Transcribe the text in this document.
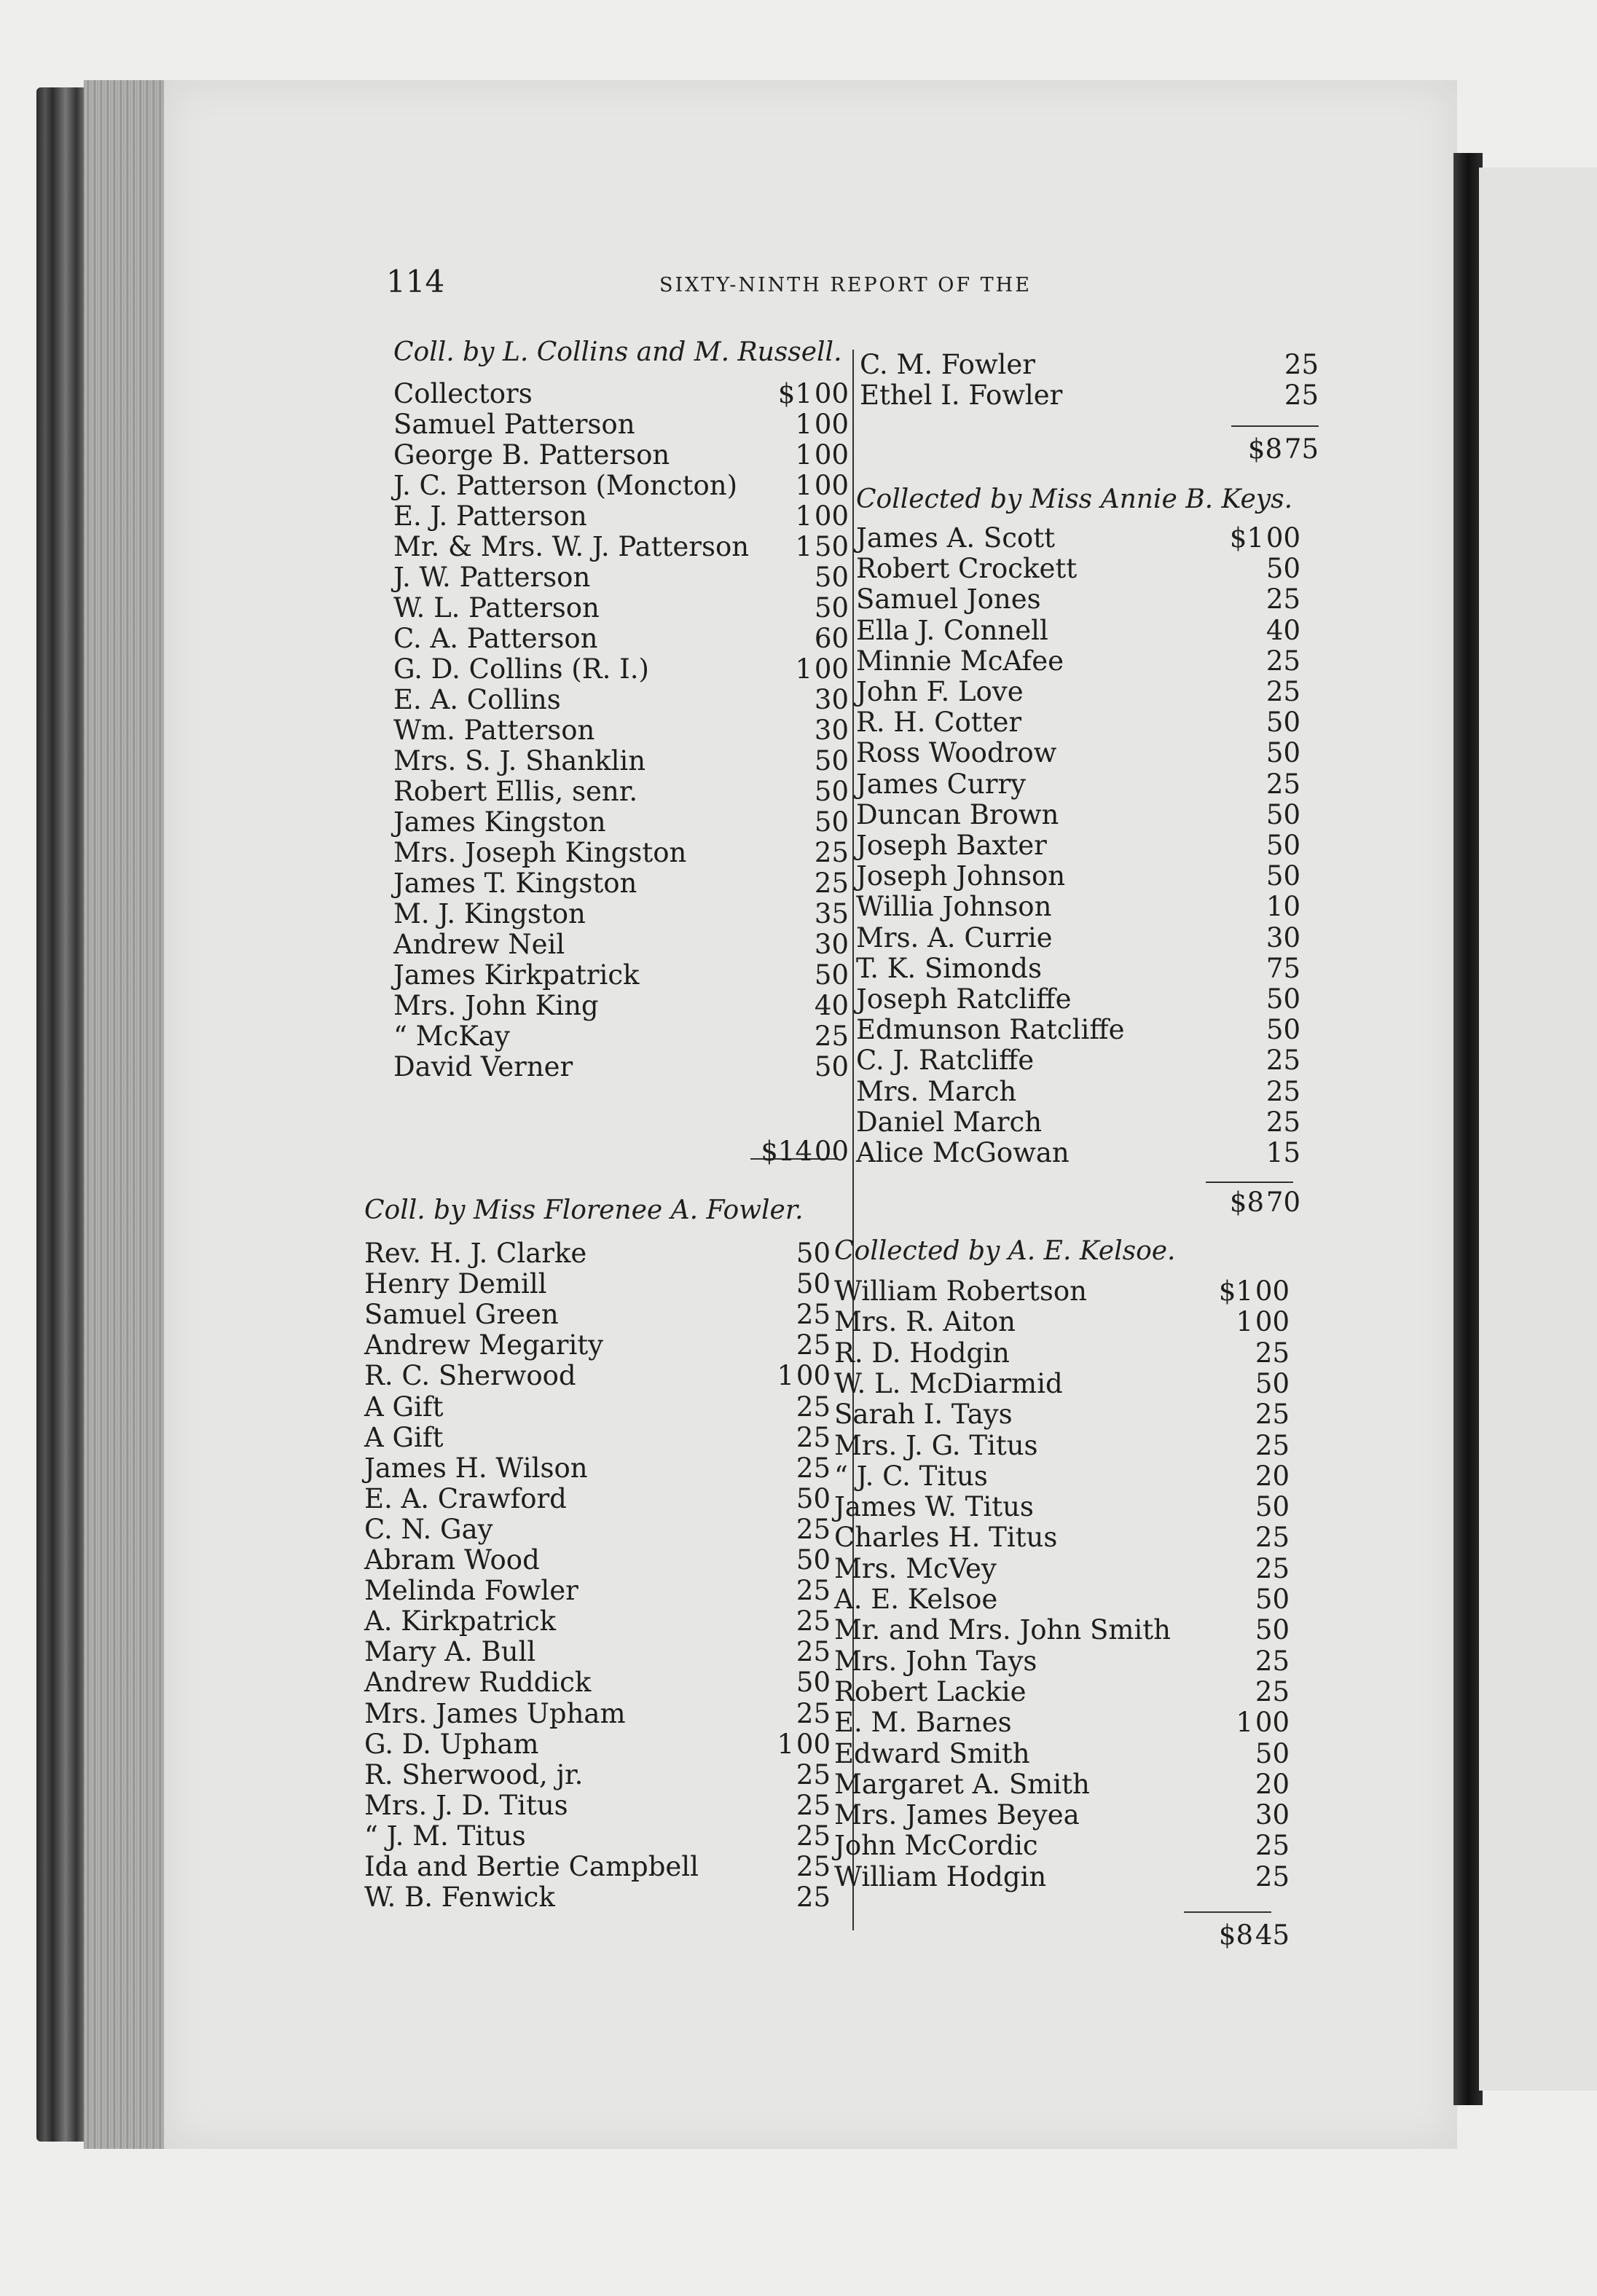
114	SIXTY-NINTH REPORT OF THE
Coll. by L. Collins and M. Russell.
Collectors	$1 00
Samuel Patterson	1 00
George B. Patterson	1 00
J. C. Patterson (Moncton) 1 00
E. J. Patterson	1 00
Mr. & Mrs. W. J. Patterson 1 50
J. W. Patterson	50
W. L. Patterson	50
C. A. Patterson	60
G. D. Collins (R. I.)	1 00
E. A. Collins	30
Wm. Patterson	30
Mrs. S. J. Shanklin	50
Robert Ellis, senr.	50
James Kingston	50
Mrs. Joseph Kingston	25
James T. Kingston	25
M. J. Kingston	35
Andrew Neil	30
James Kirkpatrick	50
Mrs. John King	40
“ McKay	25
David Verner	50
$14 00
Coll. by Miss Florenee A. Fowler.
Rev. H. J. Clarke	50
Henry Demill	50
Samuel Green	25
Andrew Megarity	25
R. C. Sherwood	1 00
A Gift	25
A Gift	25
James H. Wilson	25
E. A. Crawford	50
C. N. Gay	25
Abram Wood	50
Melinda Fowler	25
A. Kirkpatrick	25
Mary A. Bull	25
Andrew Ruddick	50
Mrs. James Upham	25
G. D. Upham	1 00
R. Sherwood, jr.	25
Mrs. J. D. Titus	25
“ J. M. Titus	25
Ida and Bertie Campbell	25
W. B. Fenwick	25
C. M. Fowler	25
Ethel I. Fowler	25
$8 75
Collected by Miss Annie B. Keys.
James A. Scott	$1 00
Robert Crockett	50
Samuel Jones	25
Ella J. Connell	40
Minnie McAfee	25
John F. Love	25
R. H. Cotter	50
Ross Woodrow	50
James Curry	25
Duncan Brown	50
Joseph Baxter	50
Joseph Johnson	50
Willia Johnson	10
Mrs. A. Currie	30
T. K. Simonds	75
Joseph Ratcliffe	50
Edmunson Ratcliffe	50
C. J. Ratcliffe	25
Mrs. March	25
Daniel March	25
Alice McGowan	15
$8 70
Collected by A. E. Kelsoe.
William Robertson	$1 00
Mrs. R. Aiton	1 00
R. D. Hodgin	25
W. L. McDiarmid	50
Sarah I. Tays	25
Mrs. J. G. Titus	25
“ J. C. Titus	20
James W. Titus	50
Charles H. Titus	25
Mrs. McVey	25
A. E. Kelsoe	50
Mr. and Mrs. John Smith	50
Mrs. John Tays	25
Robert Lackie	25
E. M. Barnes	1 00
Edward Smith	50
Margaret A. Smith	20
Mrs. James Beyea	30
John McCordic	25
William Hodgin	25
$8 45
